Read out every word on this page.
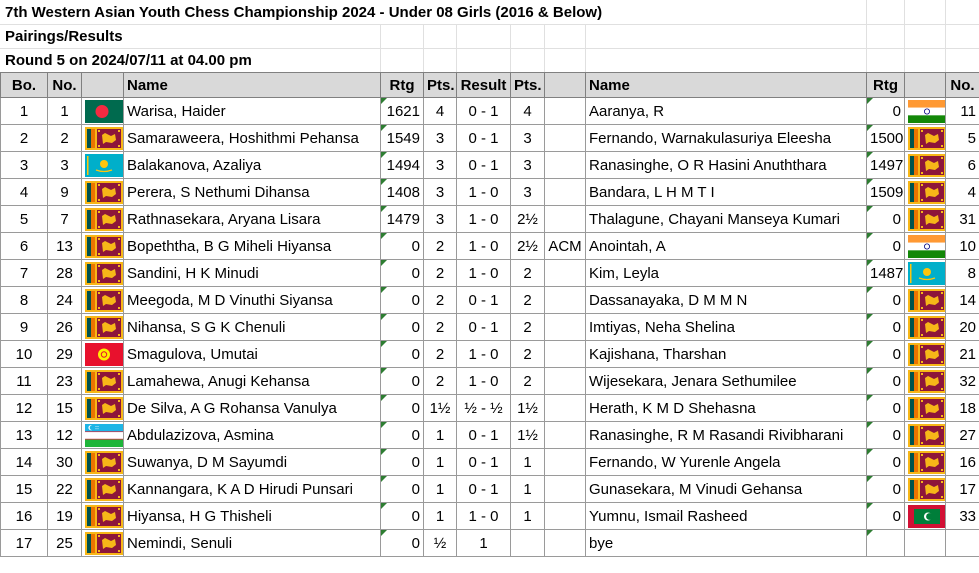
7th Western Asian Youth Chess Championship 2024 - Under 08 Girls (2016 & Below)
Pairings/Results
Round 5 on 2024/07/11 at 04.00 pm
Bo.	No.		Name	Rtg	Pts.	Result	Pts.		Name	Rtg		No.
1	1		Warisa, Haider	1621	4	0 - 1	4		Aaranya, R	0		11
2	2		Samaraweera, Hoshithmi Pehansa	1549	3	0 - 1	3		Fernando, Warnakulasuriya Eleesha	1500		5
3	3		Balakanova, Azaliya	1494	3	0 - 1	3		Ranasinghe, O R Hasini Anuththara	1497		6
4	9		Perera, S Nethumi Dihansa	1408	3	1 - 0	3		Bandara, L H M T I	1509		4
5	7		Rathnasekara, Aryana Lisara	1479	3	1 - 0	2½		Thalagune, Chayani Manseya Kumari	0		31
6	13		Bopeththa, B G Miheli Hiyansa	0	2	1 - 0	2½	ACM	Anointah, A	0		10
7	28		Sandini, H K Minudi	0	2	1 - 0	2		Kim, Leyla	1487		8
8	24		Meegoda, M D Vinuthi Siyansa	0	2	0 - 1	2		Dassanayaka, D M M N	0		14
9	26		Nihansa, S G K Chenuli	0	2	0 - 1	2		Imtiyas, Neha Shelina	0		20
10	29		Smagulova, Umutai	0	2	1 - 0	2		Kajishana, Tharshan	0		21
11	23		Lamahewa, Anugi Kehansa	0	2	1 - 0	2		Wijesekara, Jenara Sethumilee	0		32
12	15		De Silva, A G Rohansa Vanulya	0	1½	½ - ½	1½		Herath, K M D Shehasna	0		18
13	12		Abdulazizova, Asmina	0	1	0 - 1	1½		Ranasinghe, R M Rasandi Rivibharani	0		27
14	30		Suwanya, D M Sayumdi	0	1	0 - 1	1		Fernando, W Yurenle Angela	0		16
15	22		Kannangara, K A D Hirudi Punsari	0	1	0 - 1	1		Gunasekara, M Vinudi Gehansa	0		17
16	19		Hiyansa, H G Thisheli	0	1	1 - 0	1		Yumnu, Ismail Rasheed	0		33
17	25		Nemindi, Senuli	0	½	1			bye			
